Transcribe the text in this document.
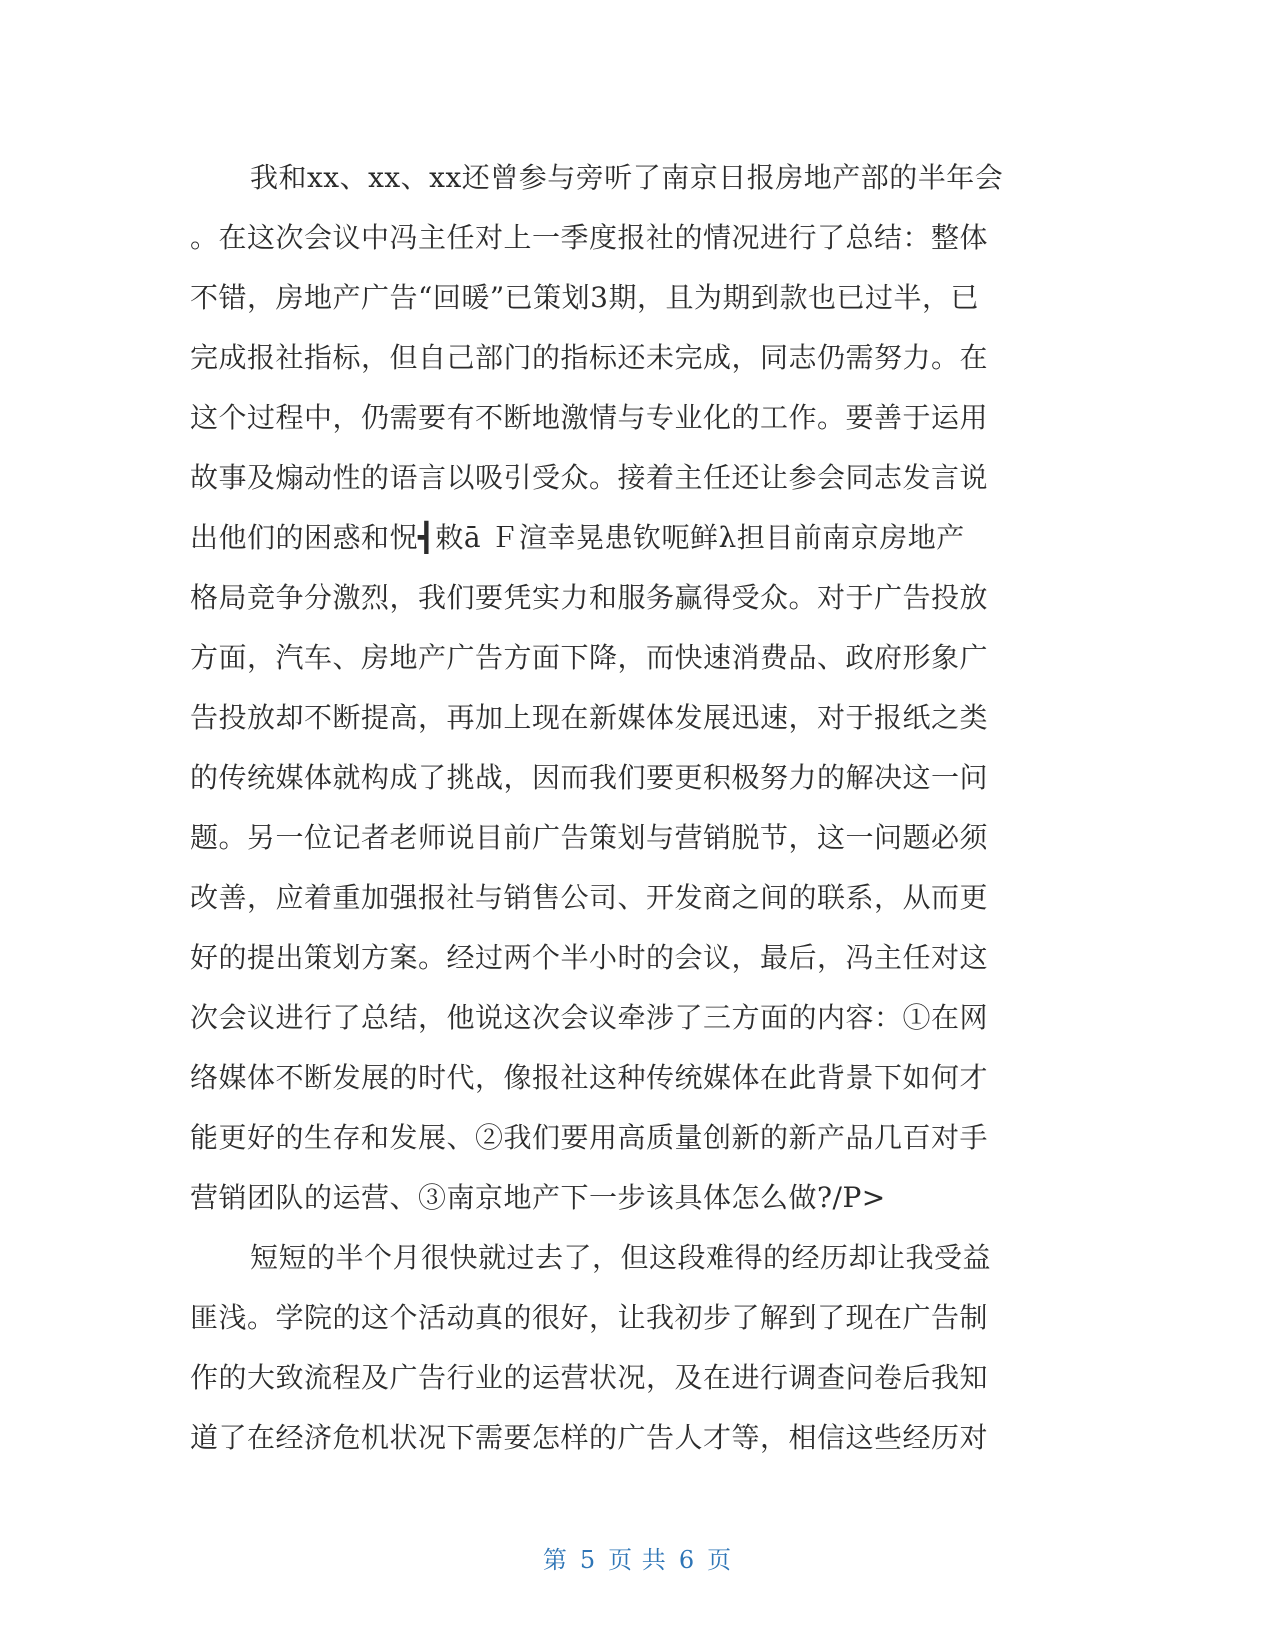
我和xx、xx、xx还曾参与旁听了南京日报房地产部的半年会
。在这次会议中冯主任对上一季度报社的情况进行了总结：整体
不错，房地产广告“回暖”已策划3期，且为期到款也已过半，已
完成报社指标，但自己部门的指标还未完成，同志仍需努力。在
这个过程中，仍需要有不断地激情与专业化的工作。要善于运用
故事及煽动性的语言以吸引受众。接着主任还让参会同志发言说
出他们的困惑和怳┫敕ā Ｆ渲幸晃患钦呃鲜λ担目前南京房地产
格局竞争分激烈，我们要凭实力和服务赢得受众。对于广告投放
方面，汽车、房地产广告方面下降，而快速消费品、政府形象广
告投放却不断提高，再加上现在新媒体发展迅速，对于报纸之类
的传统媒体就构成了挑战，因而我们要更积极努力的解决这一问
题。另一位记者老师说目前广告策划与营销脱节，这一问题必须
改善，应着重加强报社与销售公司、开发商之间的联系，从而更
好的提出策划方案。经过两个半小时的会议，最后，冯主任对这
次会议进行了总结，他说这次会议牵涉了三方面的内容：①在网
络媒体不断发展的时代，像报社这种传统媒体在此背景下如何才
能更好的生存和发展、②我们要用高质量创新的新产品几百对手
营销团队的运营、③南京地产下一步该具体怎么做?/P>
短短的半个月很快就过去了，但这段难得的经历却让我受益
匪浅。学院的这个活动真的很好，让我初步了解到了现在广告制
作的大致流程及广告行业的运营状况，及在进行调查问卷后我知
道了在经济危机状况下需要怎样的广告人才等，相信这些经历对
第 5 页 共 6 页
